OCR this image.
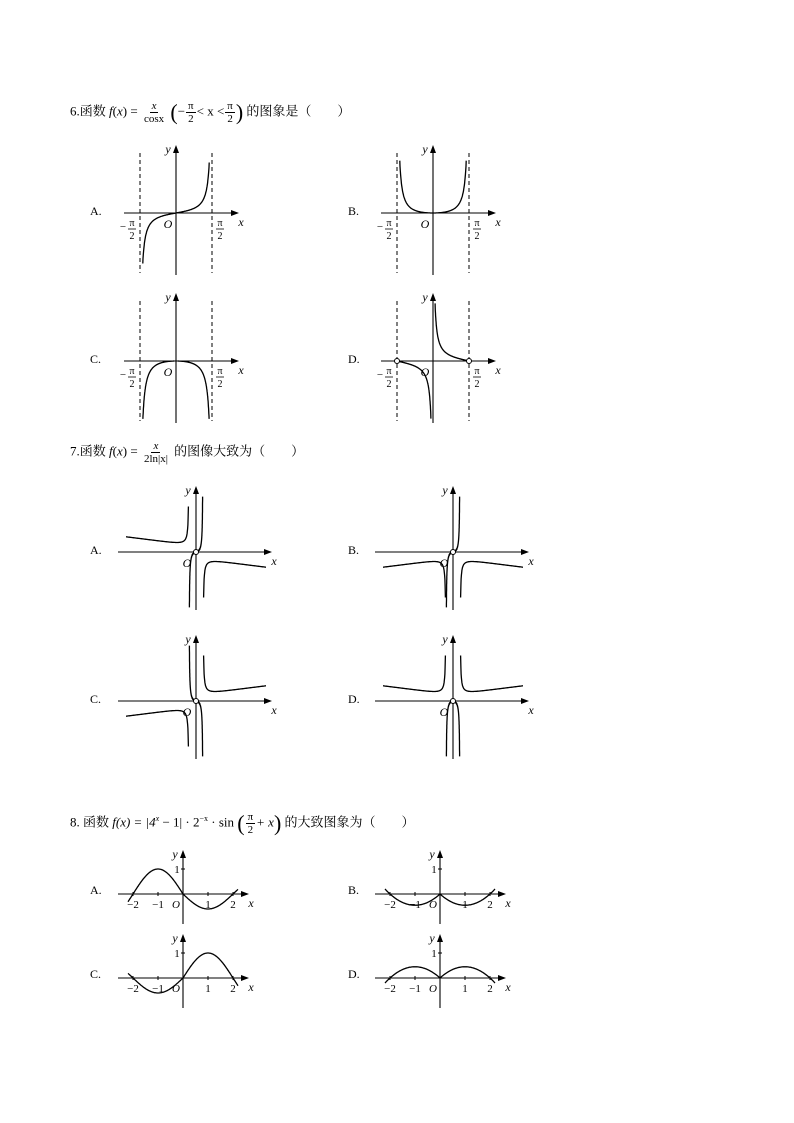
6.函数 $f(x) = \frac{x}{\cos x}$ (− $\frac{\pi}{2} < x < \frac{\pi}{2}$ ) 的图象是（　　）
A.	B.
C.	D.
7.函数 $f(x) = \frac{x}{2\ln|x|}$ 的图像大致为（　　）
A.	B.
C.	D.
8. 函数 $f(x) = |4^x - 1| \cdot 2^{-x} \cdot \sin$ ( $\frac{\pi}{2} + x$) 的大致图象为（　　）
A.	B.
C.	D.
x
y
O
− π
2
π
2
x
y
O
− π
2
π
2
x
y
O
− π
2
π
2
x
y
O
− π
2
π
2
x
y
O	x
y
O
x
y
O	x
y
O
x
y
O
−2 −1	1 2
1
x
y
O
−2 −1	1 2
1
x
y
O
−2 −1	1 2
1
x
y
O
−2 −1	1 2
1
